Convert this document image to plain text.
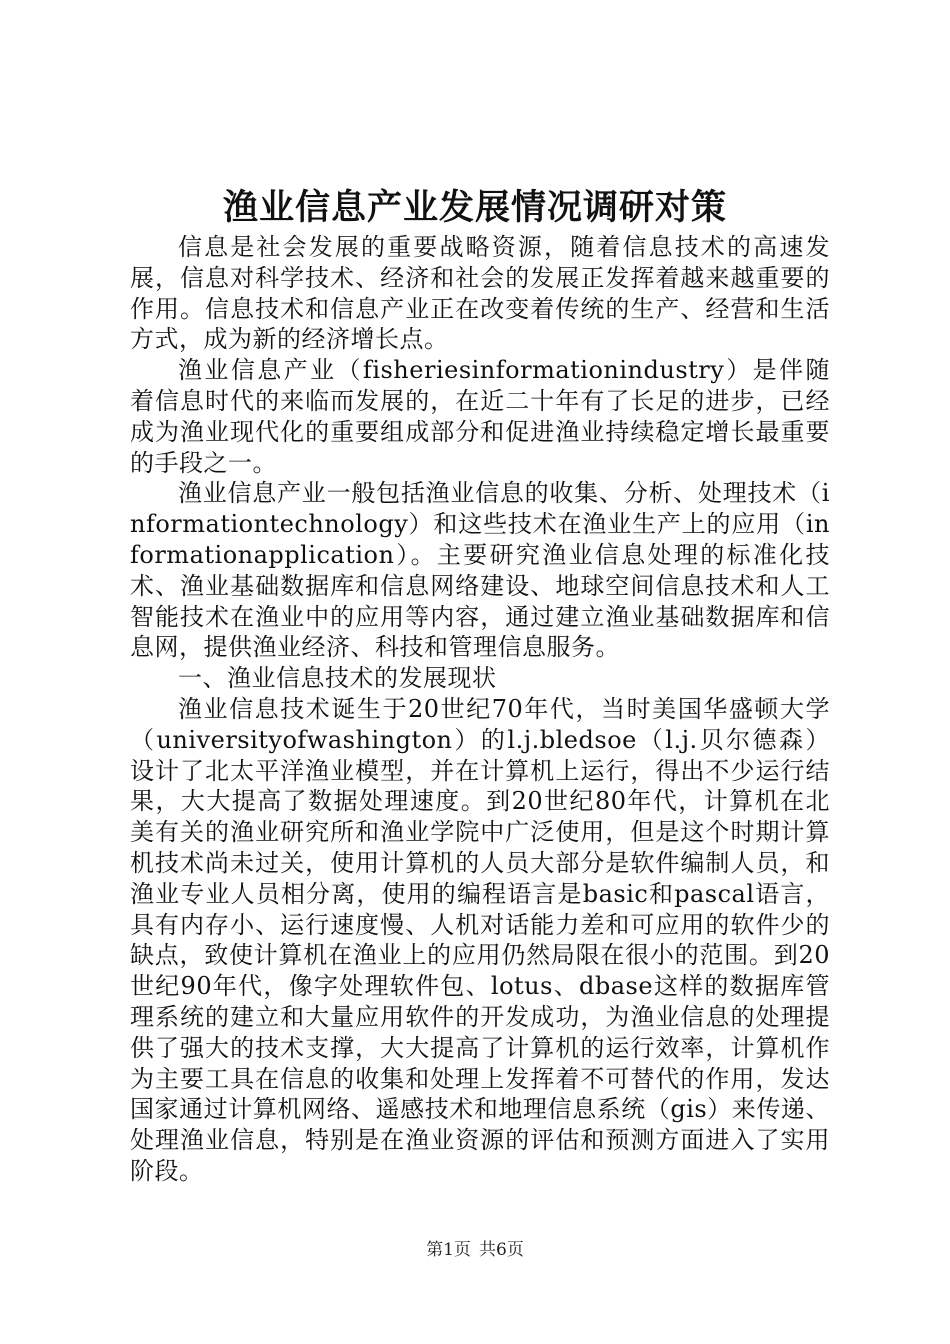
渔业信息产业发展情况调研对策

信息是社会发展的重要战略资源，随着信息技术的高速发展，信息对科学技术、经济和社会的发展正发挥着越来越重要的作用。信息技术和信息产业正在改变着传统的生产、经营和生活方式，成为新的经济增长点。

渔业信息产业（fisheriesinformationindustry）是伴随着信息时代的来临而发展的，在近二十年有了长足的进步，已经成为渔业现代化的重要组成部分和促进渔业持续稳定增长最重要的手段之一。

渔业信息产业一般包括渔业信息的收集、分析、处理技术（informationtechnology）和这些技术在渔业生产上的应用（informationapplication）。主要研究渔业信息处理的标准化技术、渔业基础数据库和信息网络建设、地球空间信息技术和人工智能技术在渔业中的应用等内容，通过建立渔业基础数据库和信息网，提供渔业经济、科技和管理信息服务。

一、渔业信息技术的发展现状

渔业信息技术诞生于20世纪70年代，当时美国华盛顿大学（universityofwashington）的l.j.bledsoe（l.j.贝尔德森）设计了北太平洋渔业模型，并在计算机上运行，得出不少运行结果，大大提高了数据处理速度。到20世纪80年代，计算机在北美有关的渔业研究所和渔业学院中广泛使用，但是这个时期计算机技术尚未过关，使用计算机的人员大部分是软件编制人员，和渔业专业人员相分离，使用的编程语言是basic和pascal语言，具有内存小、运行速度慢、人机对话能力差和可应用的软件少的缺点，致使计算机在渔业上的应用仍然局限在很小的范围。到20世纪90年代，像字处理软件包、lotus、dbase这样的数据库管理系统的建立和大量应用软件的开发成功，为渔业信息的处理提供了强大的技术支撑，大大提高了计算机的运行效率，计算机作为主要工具在信息的收集和处理上发挥着不可替代的作用，发达国家通过计算机网络、遥感技术和地理信息系统（gis）来传递、处理渔业信息，特别是在渔业资源的评估和预测方面进入了实用阶段。

第1页 共6页
